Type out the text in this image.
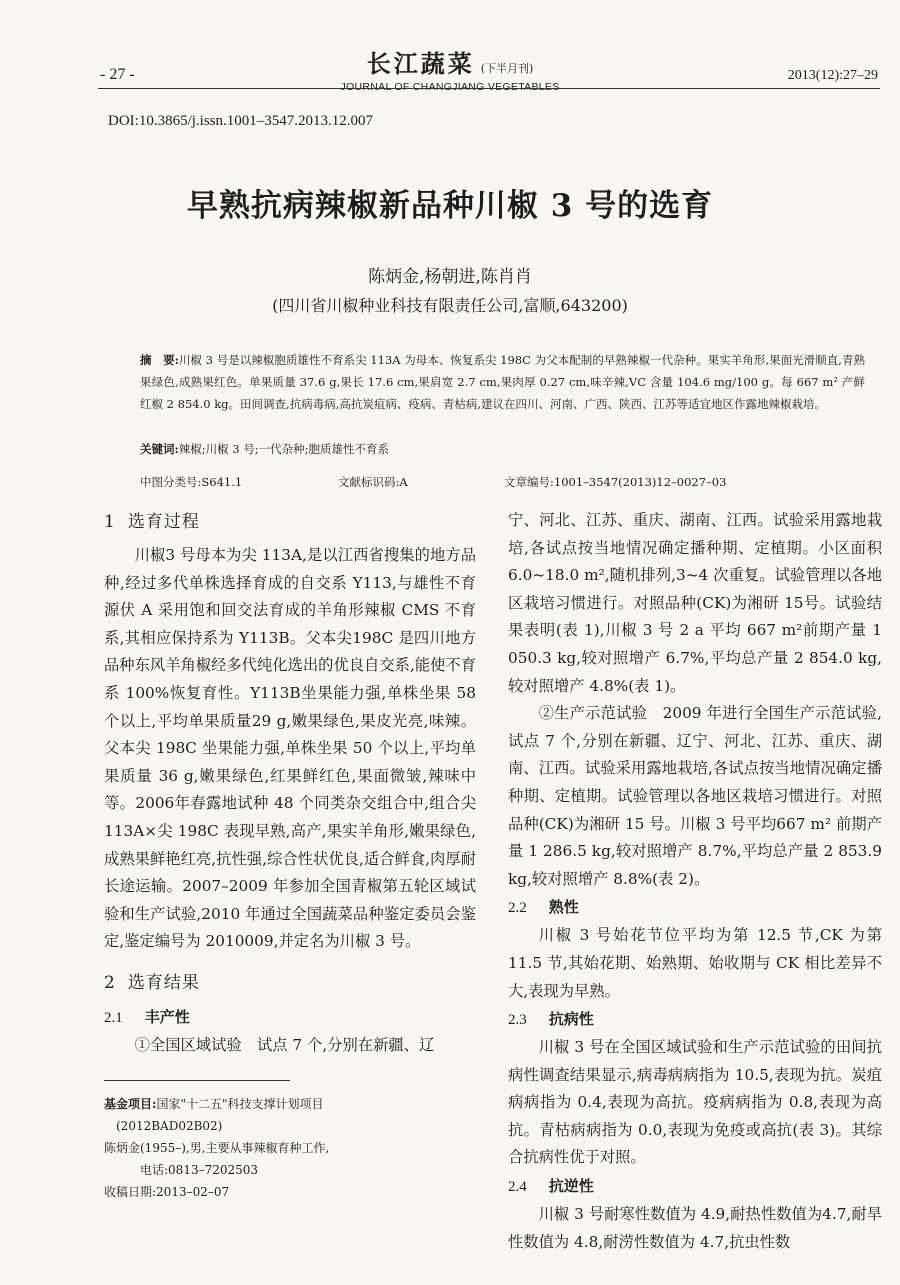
- 27 -	长江蔬菜 (下半月刊)
JOURNAL OF CHANGJIANG VEGETABLES
2013(12):27–29
DOI:10.3865/j.issn.1001–3547.2013.12.007
早熟抗病辣椒新品种川椒 3 号的选育
陈炳金,杨朝进,陈肖肖
(四川省川椒种业科技有限责任公司,富顺,643200)
摘　要:川椒 3 号是以辣椒胞质雄性不育系尖 113A 为母本、恢复系尖 198C 为父本配制的早熟辣椒一代杂种。果实羊角形,果面光滑顺直,青熟果绿色,成熟果红色。单果质量 37.6 g,果长 17.6 cm,果肩宽 2.7 cm,果肉厚 0.27 cm,味辛辣,VC 含量 104.6 mg/100 g。每 667 m² 产鲜红椒 2 854.0 kg。田间调查,抗病毒病,高抗炭疽病、疫病、青枯病,建议在四川、河南、广西、陕西、江苏等适宜地区作露地辣椒栽培。
关键词:辣椒;川椒 3 号;一代杂种;胞质雄性不育系
中图分类号:S641.1	文献标识码:A	文章编号:1001–3547(2013)12–0027–03
1 选育过程

川椒3 号母本为尖 113A,是以江西省搜集的地方品种,经过多代单株选择育成的自交系 Y113,与雄性不育源伏 A 采用饱和回交法育成的羊角形辣椒 CMS 不育系,其相应保持系为 Y113B。父本尖198C 是四川地方品种东风羊角椒经多代纯化选出的优良自交系,能使不育系 100%恢复育性。Y113B坐果能力强,单株坐果 58 个以上,平均单果质量29 g,嫩果绿色,果皮光亮,味辣。父本尖 198C 坐果能力强,单株坐果 50 个以上,平均单果质量 36 g,嫩果绿色,红果鲜红色,果面微皱,辣味中等。2006年春露地试种 48 个同类杂交组合中,组合尖113A×尖 198C 表现早熟,高产,果实羊角形,嫩果绿色,成熟果鲜艳红亮,抗性强,综合性状优良,适合鲜食,肉厚耐长途运输。2007–2009 年参加全国青椒第五轮区域试验和生产试验,2010 年通过全国蔬菜品种鉴定委员会鉴定,鉴定编号为 2010009,并定名为川椒 3 号。

2 选育结果
2.1 丰产性

①全国区域试验　试点 7 个,分别在新疆、辽

基金项目:国家"十二五"科技支撑计划项目
(2012BAD02B02)
陈炳金(1955–),男,主要从事辣椒育种工作,
电话:0813–7202503
收稿日期:2013–02–07

宁、河北、江苏、重庆、湖南、江西。试验采用露地栽培,各试点按当地情况确定播种期、定植期。小区面积 6.0~18.0 m²,随机排列,3~4 次重复。试验管理以各地区栽培习惯进行。对照品种(CK)为湘研 15号。试验结果表明(表 1),川椒 3 号 2 a 平均 667 m²前期产量 1 050.3 kg,较对照增产 6.7%,平均总产量 2 854.0 kg,较对照增产 4.8%(表 1)。

②生产示范试验　2009 年进行全国生产示范试验,试点 7 个,分别在新疆、辽宁、河北、江苏、重庆、湖南、江西。试验采用露地栽培,各试点按当地情况确定播种期、定植期。试验管理以各地区栽培习惯进行。对照品种(CK)为湘研 15 号。川椒 3 号平均667 m² 前期产量 1 286.5 kg,较对照增产 8.7%,平均总产量 2 853.9 kg,较对照增产 8.8%(表 2)。

2.2 熟性

川椒 3 号始花节位平均为第 12.5 节,CK 为第11.5 节,其始花期、始熟期、始收期与 CK 相比差异不大,表现为早熟。

2.3 抗病性

川椒 3 号在全国区域试验和生产示范试验的田间抗病性调查结果显示,病毒病病指为 10.5,表现为抗。炭疽病病指为 0.4,表现为高抗。疫病病指为 0.8,表现为高抗。青枯病病指为 0.0,表现为免疫或高抗(表 3)。其综合抗病性优于对照。

2.4 抗逆性

川椒 3 号耐寒性数值为 4.9,耐热性数值为4.7,耐旱性数值为 4.8,耐涝性数值为 4.7,抗虫性数
